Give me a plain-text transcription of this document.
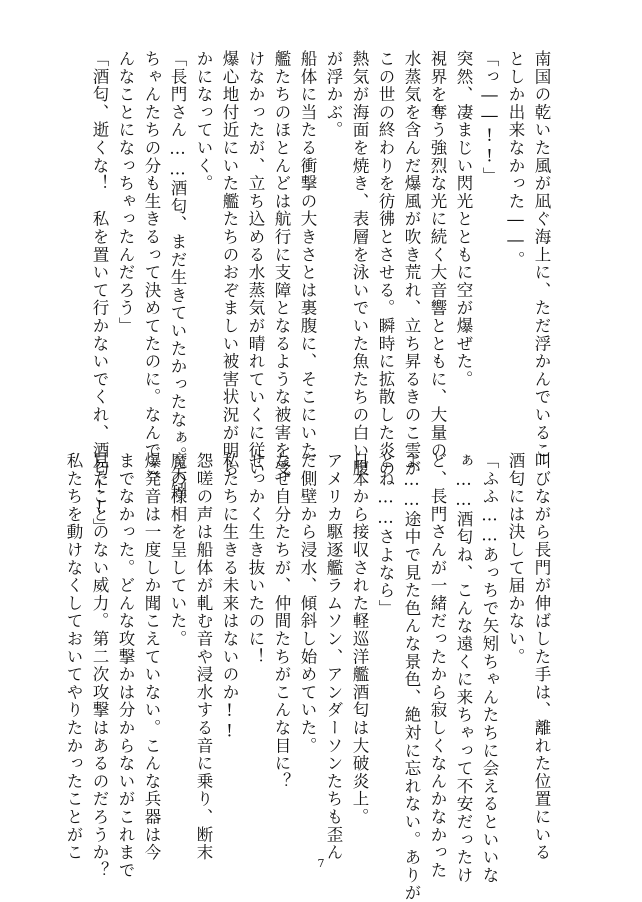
南国の乾いた風が凪ぐ海上に、ただ浮かんでいるこ
としか出来なかった――。
「っ――!!」
突然、凄まじい閃光とともに空が爆ぜた。
視界を奪う強烈な光に続く大音響とともに、大量の
水蒸気を含んだ爆風が吹き荒れ、立ち昇るきのこ雲が
この世の終わりを彷彿とさせる。瞬時に拡散した炎の
熱気が海面を焼き、表層を泳いでいた魚たちの白い腹
が浮かぶ。
船体に当たる衝撃の大きさとは裏腹に、そこにいた
艦たちのほとんどは航行に支障となるような被害を受
けなかったが、立ち込める水蒸気が晴れていくに従い
爆心地付近にいた艦たちのおぞましい被害状況が明ら
かになっていく。
「長門さん……酒匂、まだ生きていたかったなぁ。矢矧
ちゃんたちの分も生きるって決めてたのに。なんでこ
んなことになっちゃったんだろう」
「酒匂、逝くな！　私を置いて行かないでくれ、酒匂!!」
叫びながら長門が伸ばした手は、離れた位置にいる
酒匂には決して届かない。
「ふふ……あっちで矢矧ちゃんたちに会えるといいな
ぁ……酒匂ね、こんな遠くに来ちゃって不安だったけ
ど、長門さんが一緒だったから寂しくなんかなかった
よ……途中で見た色んな景色、絶対に忘れない。ありが
とね……さよなら」
日本から接収された軽巡洋艦酒匂は大破炎上。
アメリカ駆逐艦ラムソン、アンダーソンたちも歪ん
だ側壁から浸水、傾斜し始めていた。
なぜ自分たちが、仲間たちがこんな目に？
せっかく生き抜いたのに！
私たちに生きる未来はないのか!!
怨嗟の声は船体が軋む音や浸水する音に乗り、断末
魔の様相を呈していた。
爆発音は一度しか聞こえていない。こんな兵器は今
までなかった。どんな攻撃かは分からないがこれまで
見たことのない威力。第二次攻撃はあるのだろうか？
私たちを動けなくしておいてやりたかったことがこ
7
